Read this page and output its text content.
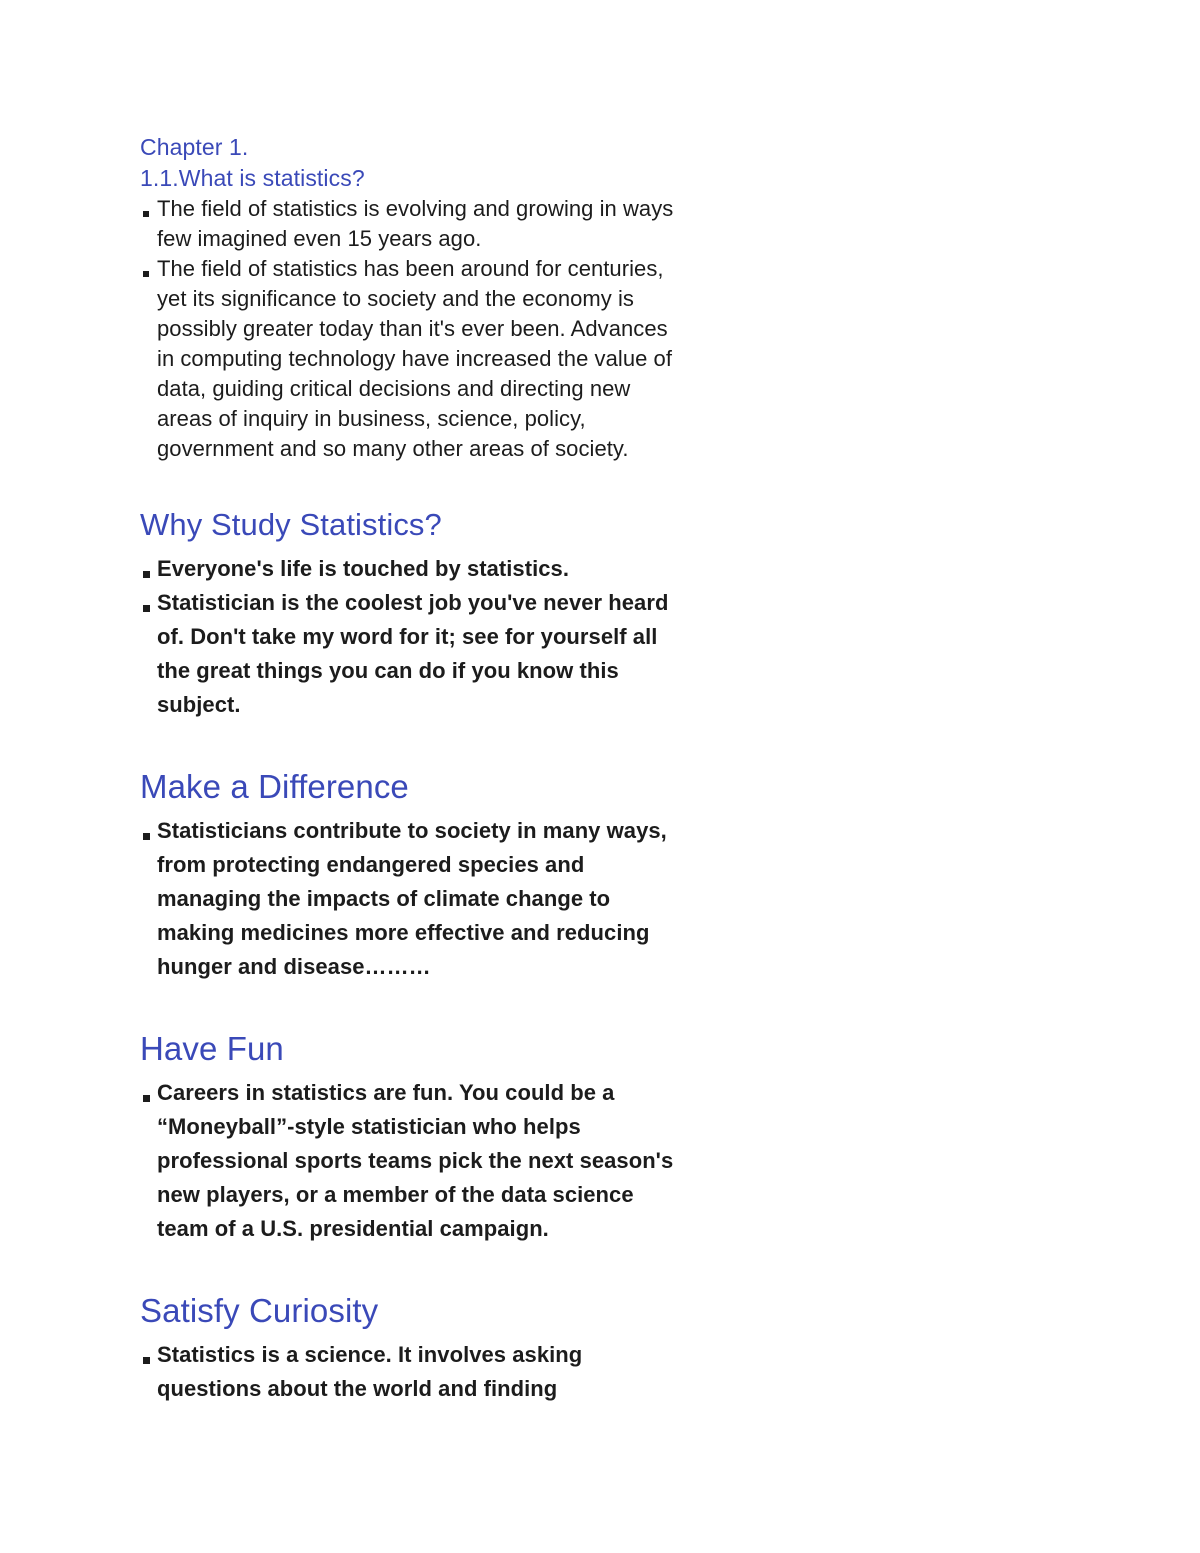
Chapter 1.
1.1.What is statistics?
The field of statistics is evolving and growing in ways few imagined even 15 years ago.
The field of statistics has been around for centuries, yet its significance to society and the economy is possibly greater today than it's ever been. Advances in computing technology have increased the value of data, guiding critical decisions and directing new areas of inquiry in business, science, policy, government and so many other areas of society.
Why Study Statistics?
Everyone's life is touched by statistics.
Statistician is the coolest job you've never heard of. Don't take my word for it; see for yourself all the great things you can do if you know this subject.
Make a Difference
Statisticians contribute to society in many ways, from protecting endangered species and managing the impacts of climate change to making medicines more effective and reducing hunger and disease………
Have Fun
Careers in statistics are fun. You could be a “Moneyball”-style statistician who helps professional sports teams pick the next season's new players, or a member of the data science team of a U.S. presidential campaign.
Satisfy Curiosity
Statistics is a science. It involves asking questions about the world and finding
